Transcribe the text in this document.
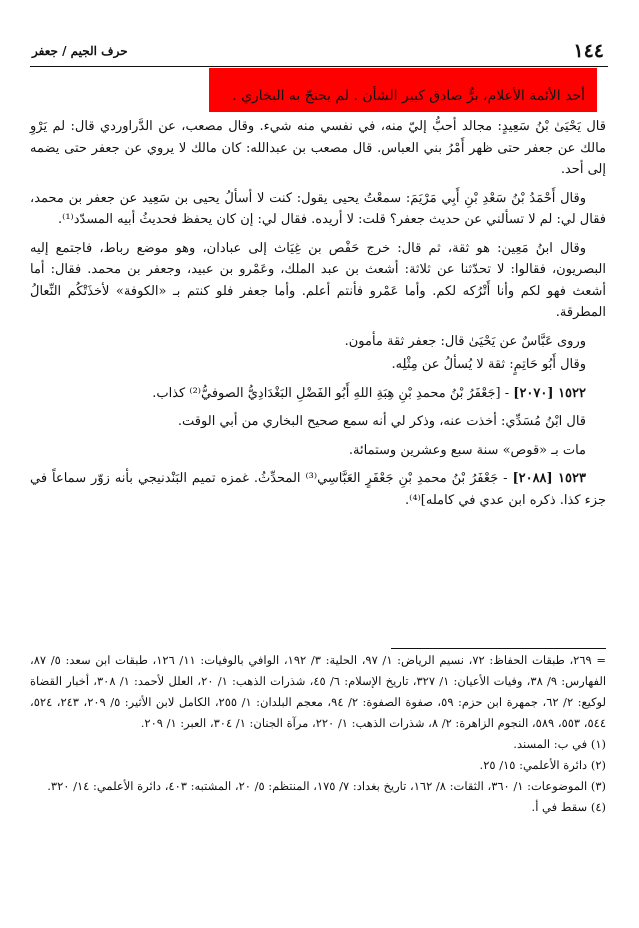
١٤٤
حرف الجيم / جعفر
أحد الأئمة الأعلام، برٌّ صادق كبير الشأن . لم يحتجّ به البخاري .

قال يَحْيَىٰ بْنُ سَعِيدٍ: مجالد أحبُّ إليّ منه، في نفسي منه شيء. وقال مصعب، عن الدَّراوردي قال: لم يَرْوِ مالك عن جعفر حتى ظهر أَمْرُ بني العباس. قال مصعب بن عبدالله: كان مالك لا يروي عن جعفر حتى يضمه إلى أحد.

وقال أَحْمَدُ بْنُ سَعْدِ بْنِ أَبِي مَرْيَمَ: سمعْتُ يحيى يقول: كنت لا أسألُ يحيى بن سَعِيد عن جعفر بن محمد، فقال لي: لم لا تسألني عن حديث جعفر؟ قلت: لا أريده. فقال لي: إن كان يحفظ فحديثُ أبيه المسدّد⁽¹⁾.

وقال ابنُ مَعِين: هو ثقة، ثم قال: خرج حَفْص بن غِيَاث إلى عبادان، وهو موضع رباط، فاجتمع إليه البصريون، فقالوا: لا تحدّثنا عن ثلاثة: أشعث بن عبد الملك، وعَمْرو بن عبيد، وجعفر بن محمد. فقال: أما أشعث فهو لكم وأنا أَتْرُكه لكم. وأما عَمْرو فأنتم أعلم. وأما جعفر فلو كنتم بـ «الكوفة» لأخذَتْكُم النِّعالُ المطرقة.

وروى عَبَّاسٌ عن يَحْيَىٰ قال: جعفر ثقة مأمون.

وقال أَبُو حَاتِمٍ: ثقة لا يُسألُ عن مِثْلِه.

١٥٢٢ [٢٠٧٠] - [جَعْفَرُ بْنُ محمدِ بْنِ هِبَةِ اللهِ أَبُو الفَضْلِ البَغْدَادِيُّ الصوفيُّ⁽²⁾ كذاب.

قال ابْنُ مُسَدِّي: أخذت عنه، وذكر لي أنه سمع صحيح البخاري من أبي الوقت.

مات بـ «قوص» سنة سبع وعشرين وستمائة.

١٥٢٣ [٢٠٨٨] - جَعْفَرُ بْنُ محمدِ بْنِ جَعْفَرٍ العَبَّاسِي⁽³⁾ المحدِّثُ. غمزه تميم البَنْدنيجي بأنه زوّر سماعاً في جزء كذا. ذكره ابن عدي في كامله]⁽⁴⁾.

= ٢٦٩، طبقات الحفاظ: ٧٢، نسيم الرياض: ١/ ٩٧، الحلية: ٣/ ١٩٢، الوافي بالوفيات: ١١/ ١٢٦، طبقات ابن سعد: ٥/ ٨٧، الفهارس: ٩/ ٣٨، وفيات الأعيان: ١/ ٣٢٧، تاريخ الإسلام: ٦/ ٤٥، شذرات الذهب: ١/ ٢٠، العلل لأحمد: ١/ ٣٠٨، أخبار القضاة لوكيع: ٢/ ٦٢، جمهرة ابن حزم: ٥٩، صفوة الصفوة: ٢/ ٩٤، معجم البلدان: ١/ ٢٥٥، الكامل لابن الأثير: ٥/ ٢٠٩، ٢٤٣، ٥٢٤، ٥٤٤، ٥٥٣، ٥٨٩، النجوم الزاهرة: ٢/ ٨، شذرات الذهب: ١/ ٢٢٠، مرآة الجنان: ١/ ٣٠٤، العبر: ١/ ٢٠٩.

(١) في ب: المسند.

(٢) دائرة الأعلمي: ١٥/ ٢٥.

(٣) الموضوعات: ١/ ٣٦٠، الثقات: ٨/ ١٦٢، تاريخ بغداد: ٧/ ١٧٥، المنتظم: ٥/ ٢٠، المشتبه: ٤٠٣، دائرة الأعلمي: ١٤/ ٣٢٠.

(٤) سقط في أ.
